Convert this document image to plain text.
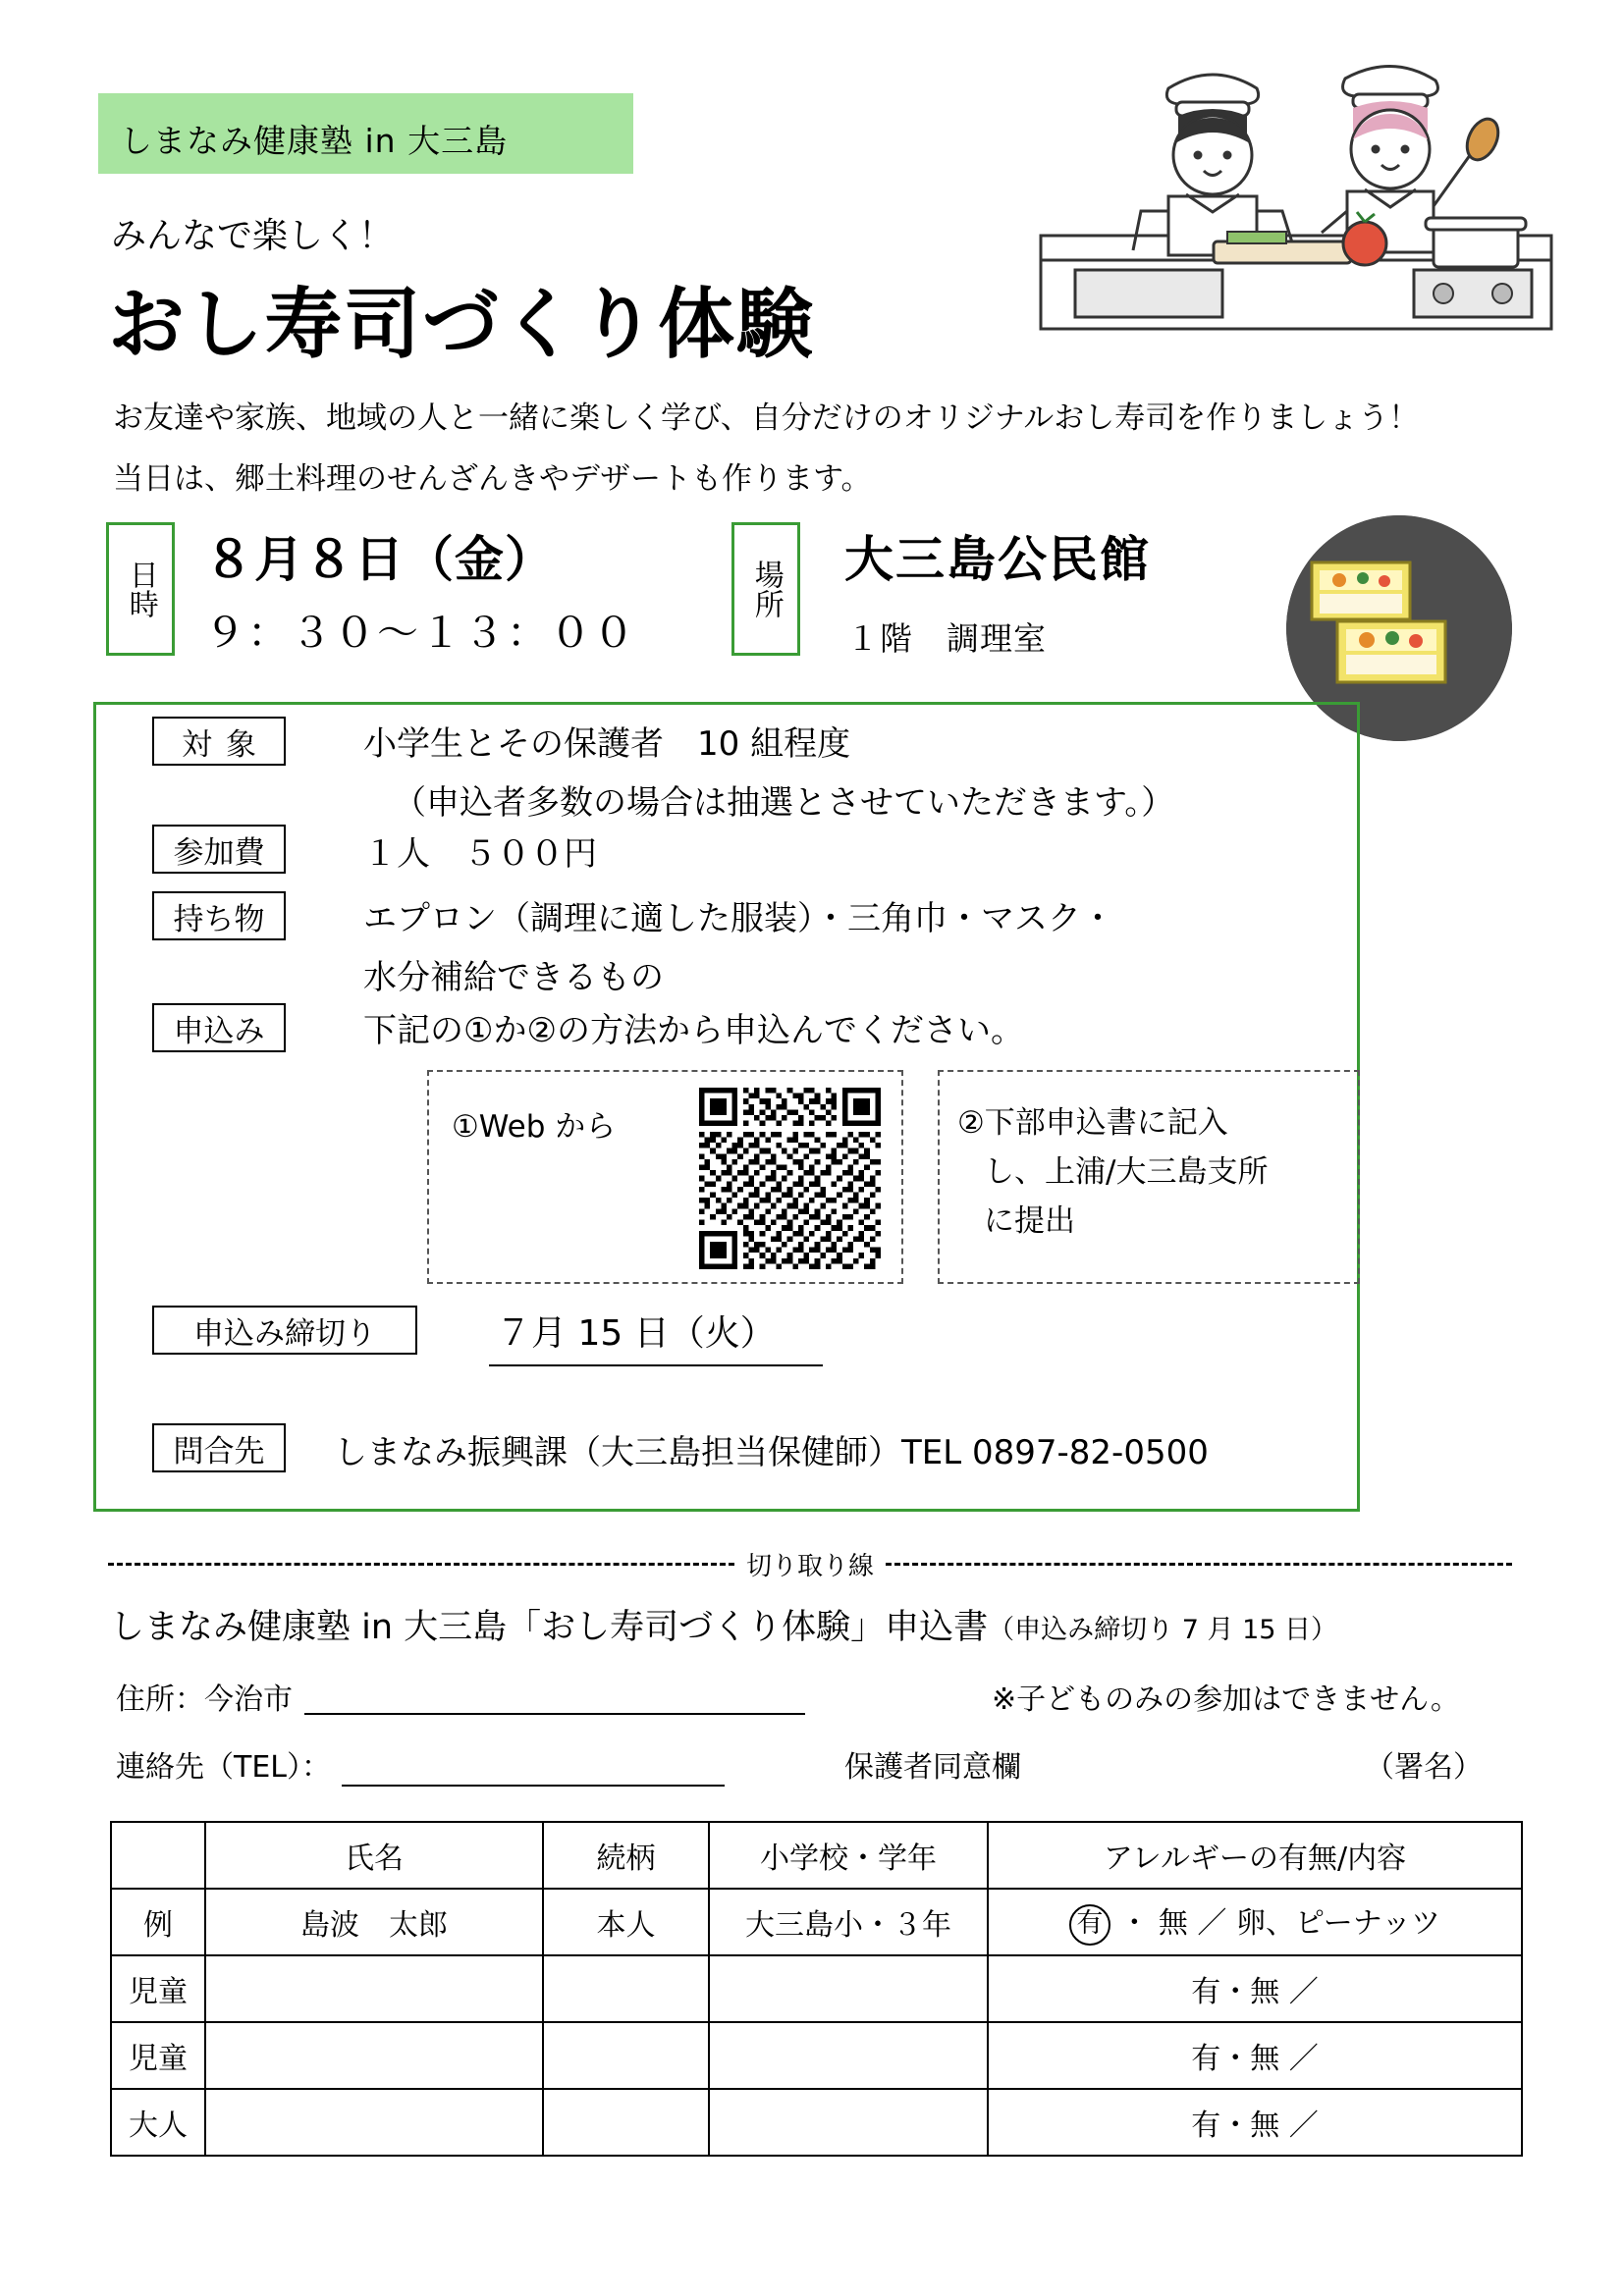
しまなみ健康塾 in 大三島
みんなで楽しく！
おし寿司づくり体験
お友達や家族、地域の人と一緒に楽しく学び、自分だけのオリジナルおし寿司を作りましょう！
当日は、郷土料理のせんざんきやデザートも作ります。
日時 ８月８日（金）
９：３０～１３：００
場所 大三島公民館
１階　調理室
対象	小学生とその保護者　10 組程度
（申込者多数の場合は抽選とさせていただきます。）
参加費	１人　５００円
持ち物	エプロン（調理に適した服装）・三角巾・マスク・
水分補給できるもの
申込み	下記の①か②の方法から申込んでください。
①Web から	②下部申込書に記入
し、上浦/大三島支所
に提出
申込み締切り	７月 15 日（火）
問合先	しまなみ振興課（大三島担当保健師）TEL 0897-82-0500
切り取り線
しまなみ健康塾 in 大三島「おし寿司づくり体験」申込書（申込み締切り 7 月 15 日）
住所：今治市	※子どものみの参加はできません。
連絡先（TEL）：	保護者同意欄	（署名）
	氏名	続柄	小学校・学年	アレルギーの有無/内容
例	島波　太郎	本人	大三島小・３年	有 ・ 無 ／ 卵、ピーナッツ
児童				有・無 ／
児童				有・無 ／
大人				有・無 ／
